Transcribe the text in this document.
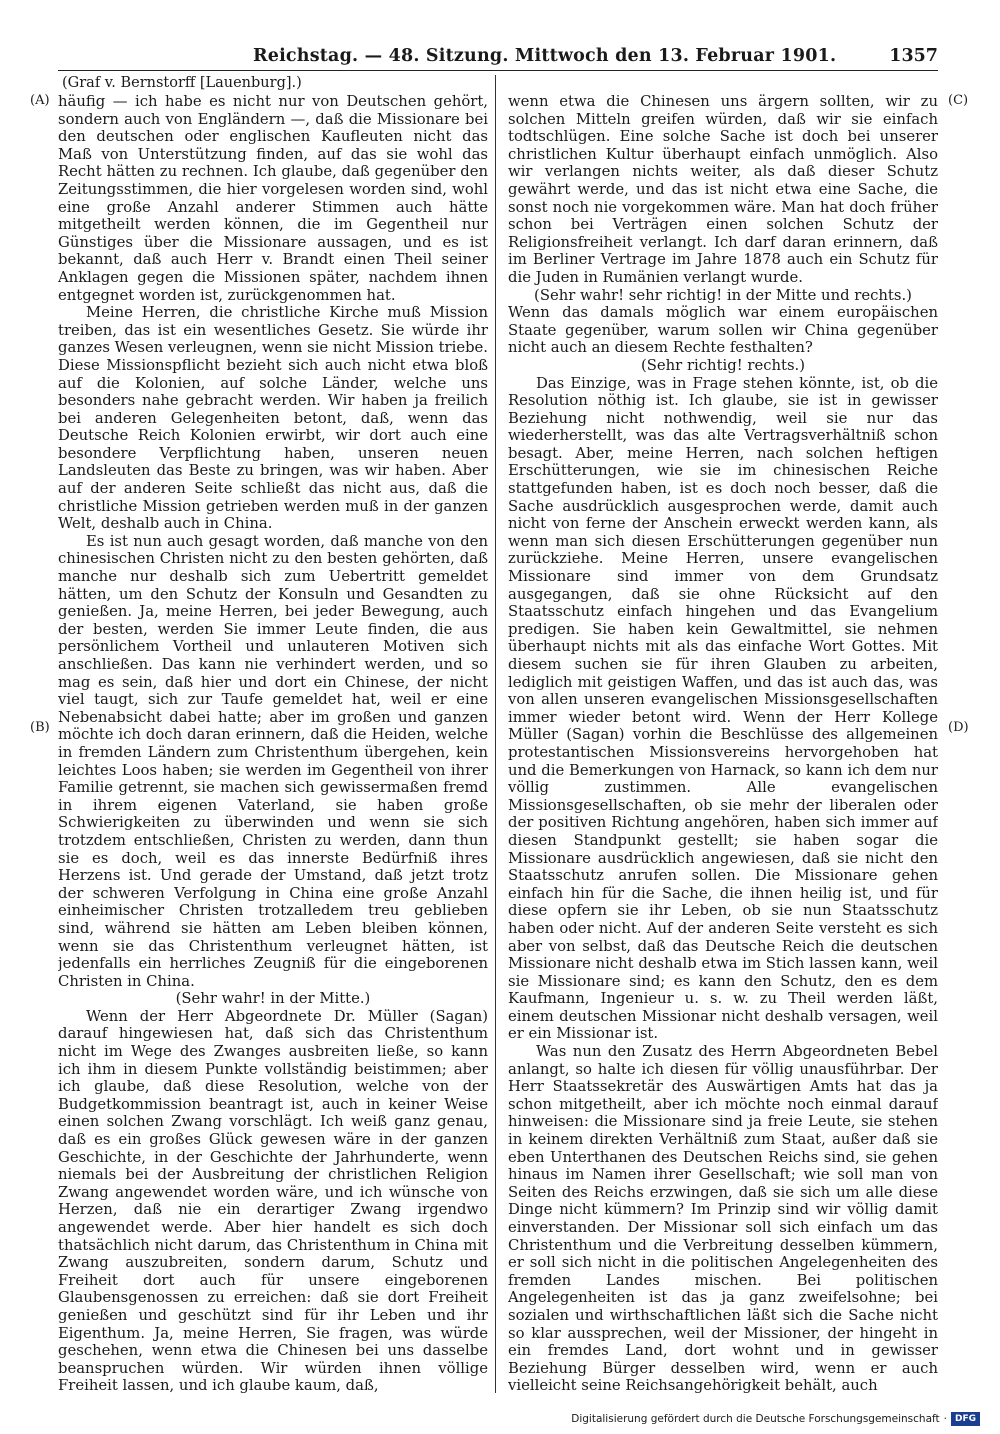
Reichstag. — 48. Sitzung. Mittwoch den 13. Februar 1901.	1357
(Graf v. Bernstorff [Lauenburg].)
(A)
(B)
(C)
(D)

häufig — ich habe es nicht nur von Deutschen gehört, sondern auch von Engländern —, daß die Missionare bei den deutschen oder englischen Kaufleuten nicht das Maß von Unterstützung finden, auf das sie wohl das Recht hätten zu rechnen. Ich glaube, daß gegenüber den Zeitungsstimmen, die hier vorgelesen worden sind, wohl eine große Anzahl anderer Stimmen auch hätte mitgetheilt werden können, die im Gegentheil nur Günstiges über die Missionare aussagen, und es ist bekannt, daß auch Herr v. Brandt einen Theil seiner Anklagen gegen die Missionen später, nachdem ihnen entgegnet worden ist, zurückgenommen hat.

Meine Herren, die christliche Kirche muß Mission treiben, das ist ein wesentliches Gesetz. Sie würde ihr ganzes Wesen verleugnen, wenn sie nicht Mission triebe. Diese Missionspflicht bezieht sich auch nicht etwa bloß auf die Kolonien, auf solche Länder, welche uns besonders nahe gebracht werden. Wir haben ja freilich bei anderen Gelegenheiten betont, daß, wenn das Deutsche Reich Kolonien erwirbt, wir dort auch eine besondere Verpflichtung haben, unseren neuen Landsleuten das Beste zu bringen, was wir haben. Aber auf der anderen Seite schließt das nicht aus, daß die christliche Mission getrieben werden muß in der ganzen Welt, deshalb auch in China.

Es ist nun auch gesagt worden, daß manche von den chinesischen Christen nicht zu den besten gehörten, daß manche nur deshalb sich zum Uebertritt gemeldet hätten, um den Schutz der Konsuln und Gesandten zu genießen. Ja, meine Herren, bei jeder Bewegung, auch der besten, werden Sie immer Leute finden, die aus persönlichem Vortheil und unlauteren Motiven sich anschließen. Das kann nie verhindert werden, und so mag es sein, daß hier und dort ein Chinese, der nicht viel taugt, sich zur Taufe gemeldet hat, weil er eine Nebenabsicht dabei hatte; aber im großen und ganzen möchte ich doch daran erinnern, daß die Heiden, welche in fremden Ländern zum Christenthum übergehen, kein leichtes Loos haben; sie werden im Gegentheil von ihrer Familie getrennt, sie machen sich gewissermaßen fremd in ihrem eigenen Vaterland, sie haben große Schwierigkeiten zu überwinden und wenn sie sich trotzdem entschließen, Christen zu werden, dann thun sie es doch, weil es das innerste Bedürfniß ihres Herzens ist. Und gerade der Umstand, daß jetzt trotz der schweren Verfolgung in China eine große Anzahl einheimischer Christen trotzalledem treu geblieben sind, während sie hätten am Leben bleiben können, wenn sie das Christenthum verleugnet hätten, ist jedenfalls ein herrliches Zeugniß für die eingeborenen Christen in China.

(Sehr wahr! in der Mitte.)

Wenn der Herr Abgeordnete Dr. Müller (Sagan) darauf hingewiesen hat, daß sich das Christenthum nicht im Wege des Zwanges ausbreiten ließe, so kann ich ihm in diesem Punkte vollständig beistimmen; aber ich glaube, daß diese Resolution, welche von der Budgetkommission beantragt ist, auch in keiner Weise einen solchen Zwang vorschlägt. Ich weiß ganz genau, daß es ein großes Glück gewesen wäre in der ganzen Geschichte, in der Geschichte der Jahrhunderte, wenn niemals bei der Ausbreitung der christlichen Religion Zwang angewendet worden wäre, und ich wünsche von Herzen, daß nie ein derartiger Zwang irgendwo angewendet werde. Aber hier handelt es sich doch thatsächlich nicht darum, das Christenthum in China mit Zwang auszubreiten, sondern darum, Schutz und Freiheit dort auch für unsere eingeborenen Glaubensgenossen zu erreichen: daß sie dort Freiheit genießen und geschützt sind für ihr Leben und ihr Eigenthum. Ja, meine Herren, Sie fragen, was würde geschehen, wenn etwa die Chinesen bei uns dasselbe beanspruchen würden. Wir würden ihnen völlige Freiheit lassen, und ich glaube kaum, daß,

wenn etwa die Chinesen uns ärgern sollten, wir zu solchen Mitteln greifen würden, daß wir sie einfach todtschlügen. Eine solche Sache ist doch bei unserer christlichen Kultur überhaupt einfach unmöglich. Also wir verlangen nichts weiter, als daß dieser Schutz gewährt werde, und das ist nicht etwa eine Sache, die sonst noch nie vorgekommen wäre. Man hat doch früher schon bei Verträgen einen solchen Schutz der Religionsfreiheit verlangt. Ich darf daran erinnern, daß im Berliner Vertrage im Jahre 1878 auch ein Schutz für die Juden in Rumänien verlangt wurde.

(Sehr wahr! sehr richtig! in der Mitte und rechts.)

Wenn das damals möglich war einem europäischen Staate gegenüber, warum sollen wir China gegenüber nicht auch an diesem Rechte festhalten?

(Sehr richtig! rechts.)

Das Einzige, was in Frage stehen könnte, ist, ob die Resolution nöthig ist. Ich glaube, sie ist in gewisser Beziehung nicht nothwendig, weil sie nur das wiederherstellt, was das alte Vertragsverhältniß schon besagt. Aber, meine Herren, nach solchen heftigen Erschütterungen, wie sie im chinesischen Reiche stattgefunden haben, ist es doch noch besser, daß die Sache ausdrücklich ausgesprochen werde, damit auch nicht von ferne der Anschein erweckt werden kann, als wenn man sich diesen Erschütterungen gegenüber nun zurückziehe. Meine Herren, unsere evangelischen Missionare sind immer von dem Grundsatz ausgegangen, daß sie ohne Rücksicht auf den Staatsschutz einfach hingehen und das Evangelium predigen. Sie haben kein Gewaltmittel, sie nehmen überhaupt nichts mit als das einfache Wort Gottes. Mit diesem suchen sie für ihren Glauben zu arbeiten, lediglich mit geistigen Waffen, und das ist auch das, was von allen unseren evangelischen Missionsgesellschaften immer wieder betont wird. Wenn der Herr Kollege Müller (Sagan) vorhin die Beschlüsse des allgemeinen protestantischen Missionsvereins hervorgehoben hat und die Bemerkungen von Harnack, so kann ich dem nur völlig zustimmen. Alle evangelischen Missionsgesellschaften, ob sie mehr der liberalen oder der positiven Richtung angehören, haben sich immer auf diesen Standpunkt gestellt; sie haben sogar die Missionare ausdrücklich angewiesen, daß sie nicht den Staatsschutz anrufen sollen. Die Missionare gehen einfach hin für die Sache, die ihnen heilig ist, und für diese opfern sie ihr Leben, ob sie nun Staatsschutz haben oder nicht. Auf der anderen Seite versteht es sich aber von selbst, daß das Deutsche Reich die deutschen Missionare nicht deshalb etwa im Stich lassen kann, weil sie Missionare sind; es kann den Schutz, den es dem Kaufmann, Ingenieur u. s. w. zu Theil werden läßt, einem deutschen Missionar nicht deshalb versagen, weil er ein Missionar ist.

Was nun den Zusatz des Herrn Abgeordneten Bebel anlangt, so halte ich diesen für völlig unausführbar. Der Herr Staatssekretär des Auswärtigen Amts hat das ja schon mitgetheilt, aber ich möchte noch einmal darauf hinweisen: die Missionare sind ja freie Leute, sie stehen in keinem direkten Verhältniß zum Staat, außer daß sie eben Unterthanen des Deutschen Reichs sind, sie gehen hinaus im Namen ihrer Gesellschaft; wie soll man von Seiten des Reichs erzwingen, daß sie sich um alle diese Dinge nicht kümmern? Im Prinzip sind wir völlig damit einverstanden. Der Missionar soll sich einfach um das Christenthum und die Verbreitung desselben kümmern, er soll sich nicht in die politischen Angelegenheiten des fremden Landes mischen. Bei politischen Angelegenheiten ist das ja ganz zweifelsohne; bei sozialen und wirthschaftlichen läßt sich die Sache nicht so klar aussprechen, weil der Missioner, der hingeht in ein fremdes Land, dort wohnt und in gewisser Beziehung Bürger desselben wird, wenn er auch vielleicht seine Reichsangehörigkeit behält, auch

Digitalisierung gefördert durch die Deutsche Forschungsgemeinschaft · DFG
